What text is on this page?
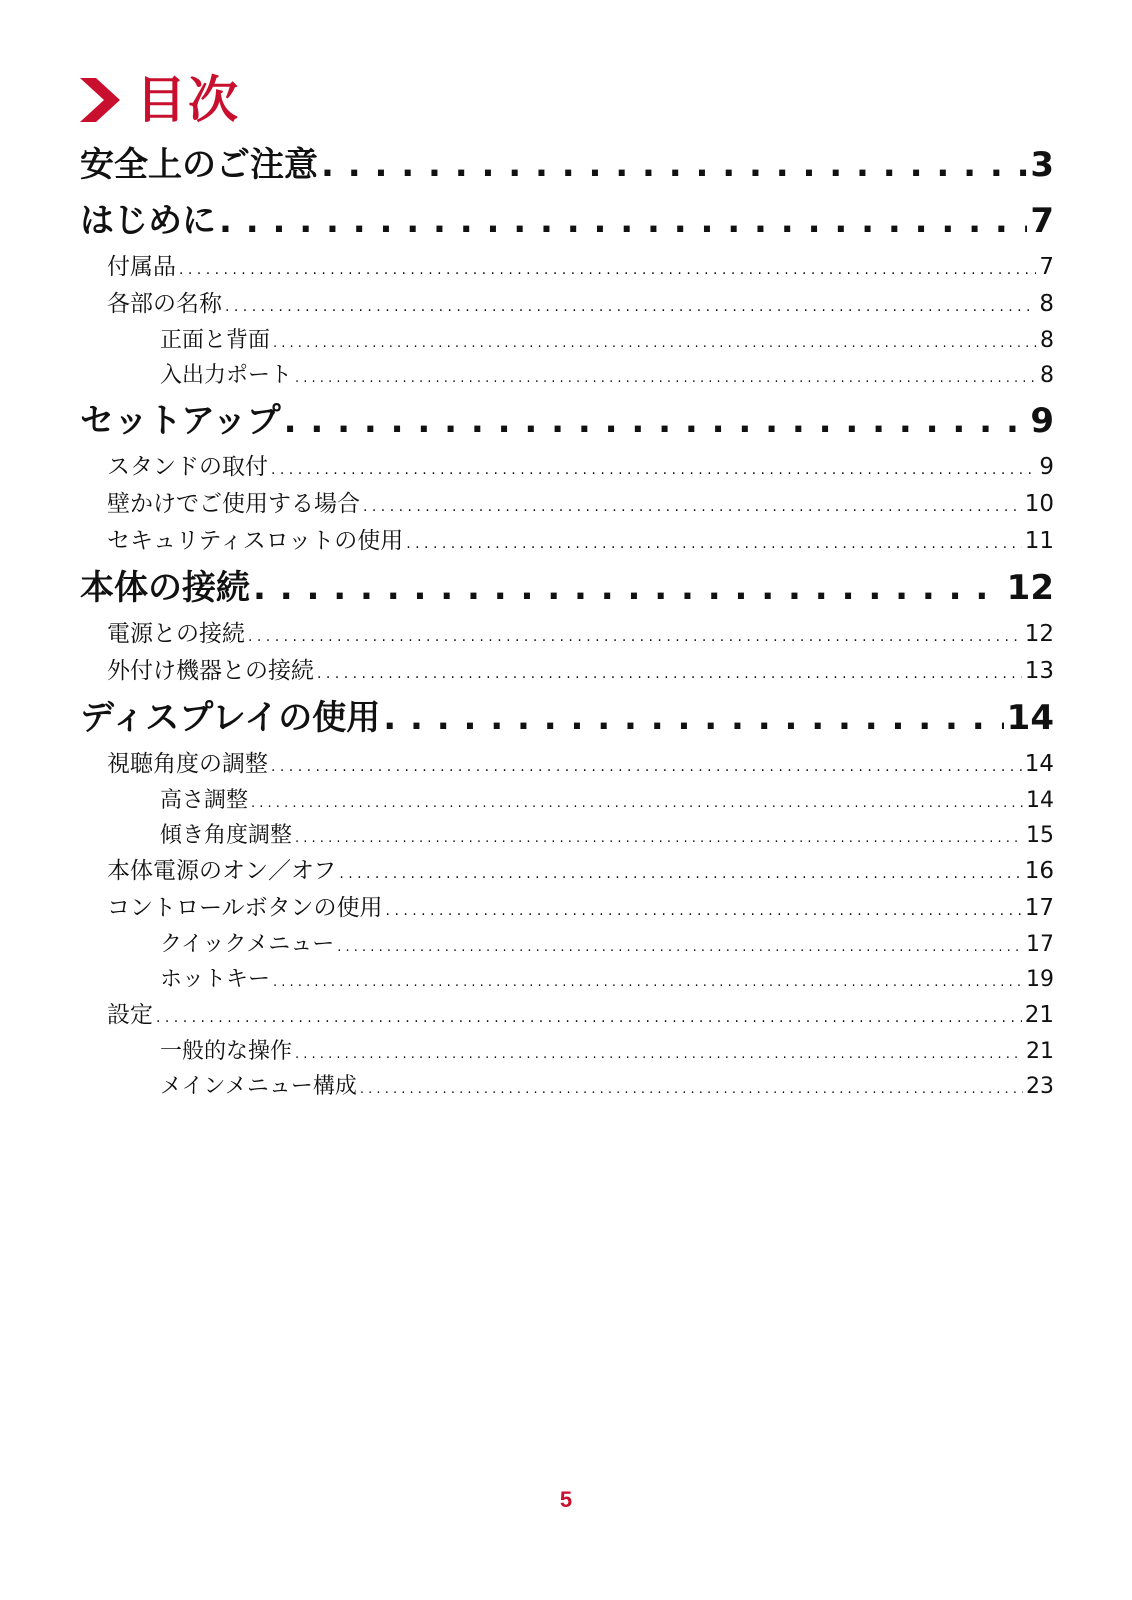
目次
安全上のご注意 . . .	3
はじめに . . .	7
付属品 . . .	7
各部の名称 . . .	8
正面と背面 . . .	8
入出力ポート . . .	8
セットアップ . . .	9
スタンドの取付 . . .	9
壁かけでご使用する場合 . . .	10
セキュリティスロットの使用 . . .	11
本体の接続 . . .	12
電源との接続 . . .	12
外付け機器との接続 . . .	13
ディスプレイの使用 . . .	14
視聴角度の調整 . . .	14
高さ調整 . . .	14
傾き角度調整 . . .	15
本体電源のオン／オフ . . .	16
コントロールボタンの使用 . . .	17
クイックメニュー . . .	17
ホットキー . . .	19
設定 . . .	21
一般的な操作 . . .	21
メインメニュー構成 . . .	23
5
